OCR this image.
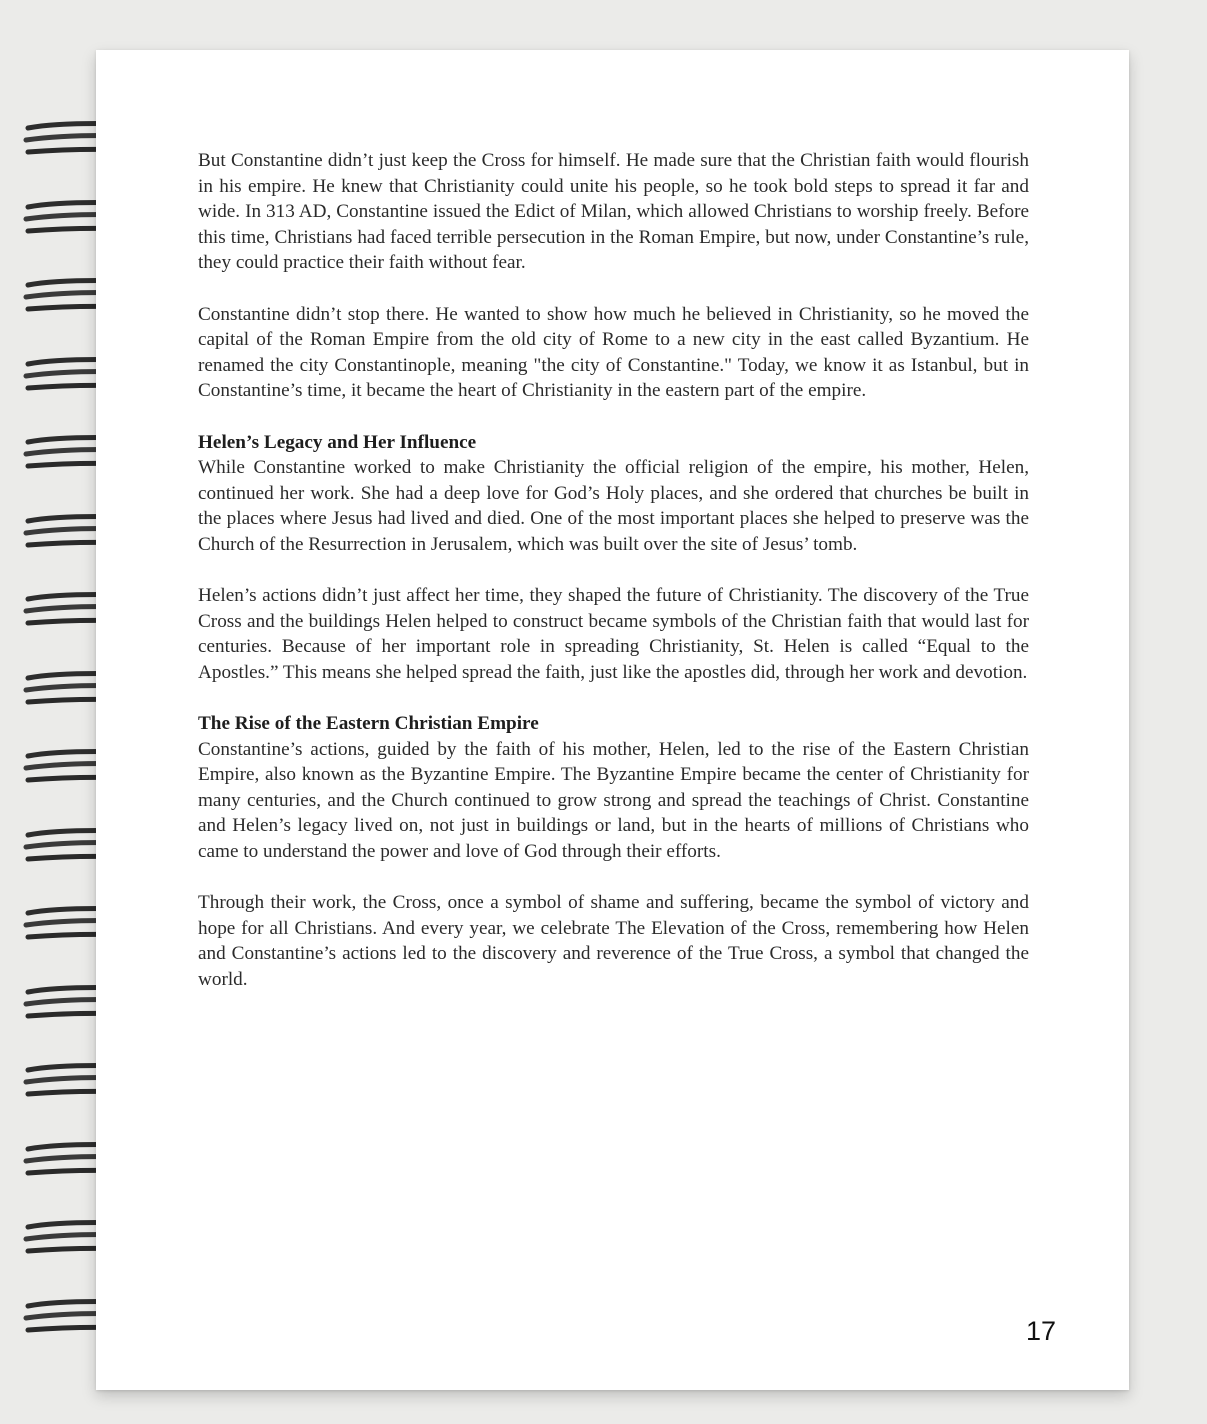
But Constantine didn’t just keep the Cross for himself. He made sure that the Christian faith would flourish in his empire. He knew that Christianity could unite his people, so he took bold steps to spread it far and wide. In 313 AD, Constantine issued the Edict of Milan, which allowed Christians to worship freely. Before this time, Christians had faced terrible persecution in the Roman Empire, but now, under Constantine’s rule, they could practice their faith without fear.

Constantine didn’t stop there. He wanted to show how much he believed in Christianity, so he moved the capital of the Roman Empire from the old city of Rome to a new city in the east called Byzantium. He renamed the city Constantinople, meaning "the city of Constantine." Today, we know it as Istanbul, but in Constantine’s time, it became the heart of Christianity in the eastern part of the empire.

Helen’s Legacy and Her Influence

While Constantine worked to make Christianity the official religion of the empire, his mother, Helen, continued her work. She had a deep love for God’s Holy places, and she ordered that churches be built in the places where Jesus had lived and died. One of the most important places she helped to preserve was the Church of the Resurrection in Jerusalem, which was built over the site of Jesus’ tomb.

Helen’s actions didn’t just affect her time, they shaped the future of Christianity. The discovery of the True Cross and the buildings Helen helped to construct became symbols of the Christian faith that would last for centuries. Because of her important role in spreading Christianity, St. Helen is called “Equal to the Apostles.” This means she helped spread the faith, just like the apostles did, through her work and devotion.

The Rise of the Eastern Christian Empire

Constantine’s actions, guided by the faith of his mother, Helen, led to the rise of the Eastern Christian Empire, also known as the Byzantine Empire. The Byzantine Empire became the center of Christianity for many centuries, and the Church continued to grow strong and spread the teachings of Christ. Constantine and Helen’s legacy lived on, not just in buildings or land, but in the hearts of millions of Christians who came to understand the power and love of God through their efforts.

Through their work, the Cross, once a symbol of shame and suffering, became the symbol of victory and hope for all Christians. And every year, we celebrate The Elevation of the Cross, remembering how Helen and Constantine’s actions led to the discovery and reverence of the True Cross, a symbol that changed the world.

17
